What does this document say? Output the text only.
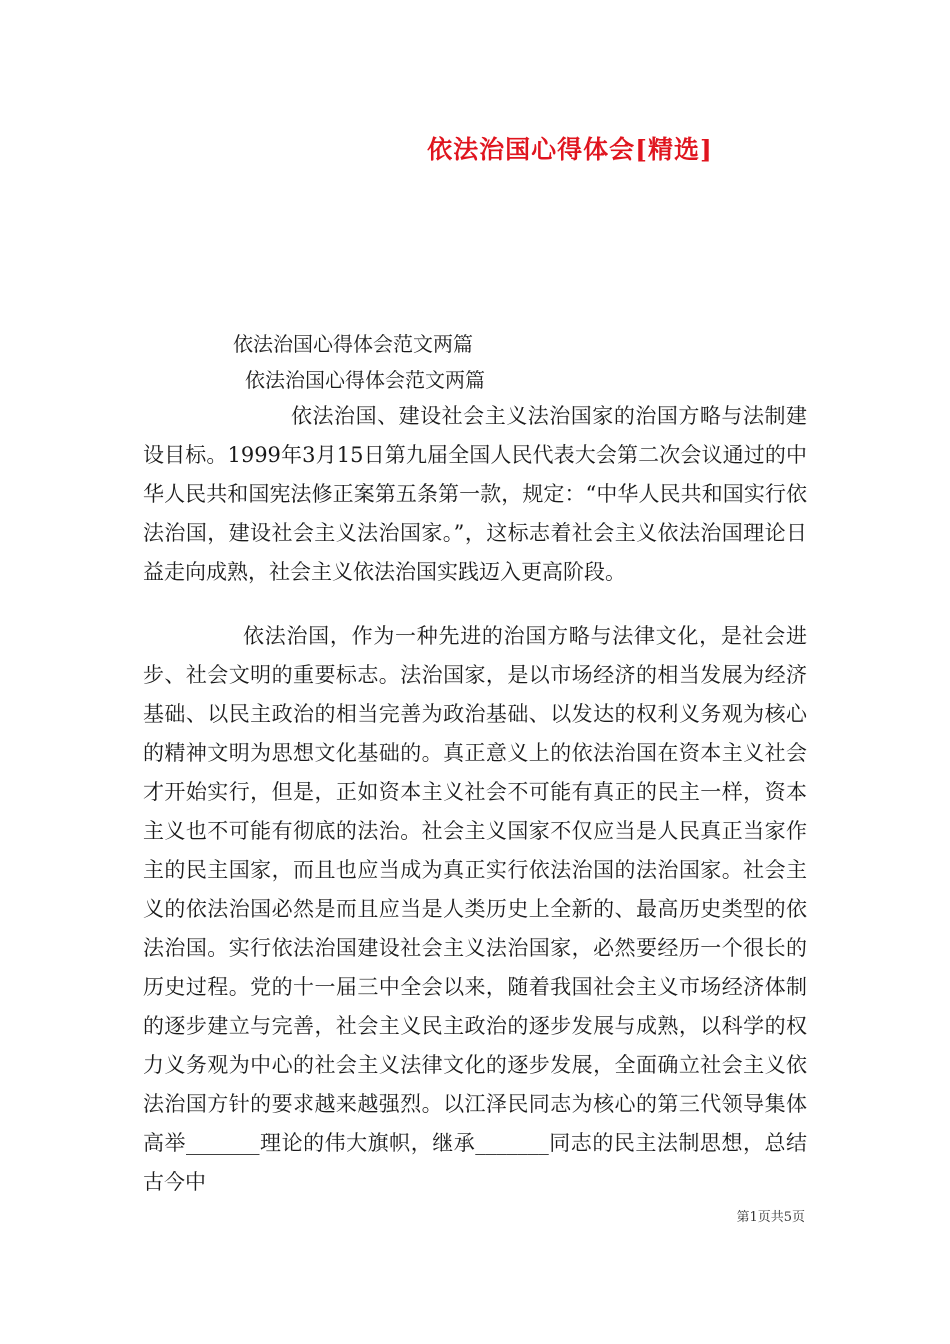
依法治国心得体会[精选]

依法治国心得体会范文两篇

依法治国心得体会范文两篇

依法治国、建设社会主义法治国家的治国方略与法制建设目标。1999年3月15日第九届全国人民代表大会第二次会议通过的中华人民共和国宪法修正案第五条第一款，规定：“中华人民共和国实行依法治国，建设社会主义法治国家。”，这标志着社会主义依法治国理论日益走向成熟，社会主义依法治国实践迈入更高阶段。

依法治国，作为一种先进的治国方略与法律文化，是社会进步、社会文明的重要标志。法治国家，是以市场经济的相当发展为经济基础、以民主政治的相当完善为政治基础、以发达的权利义务观为核心的精神文明为思想文化基础的。真正意义上的依法治国在资本主义社会才开始实行，但是，正如资本主义社会不可能有真正的民主一样，资本主义也不可能有彻底的法治。社会主义国家不仅应当是人民真正当家作主的民主国家，而且也应当成为真正实行依法治国的法治国家。社会主义的依法治国必然是而且应当是人类历史上全新的、最高历史类型的依法治国。实行依法治国建设社会主义法治国家，必然要经历一个很长的历史过程。党的十一届三中全会以来，随着我国社会主义市场经济体制的逐步建立与完善，社会主义民主政治的逐步发展与成熟，以科学的权力义务观为中心的社会主义法律文化的逐步发展，全面确立社会主义依法治国方针的要求越来越强烈。以江泽民同志为核心的第三代领导集体高举_______理论的伟大旗帜，继承_______同志的民主法制思想，总结古今中

第1页共5页
